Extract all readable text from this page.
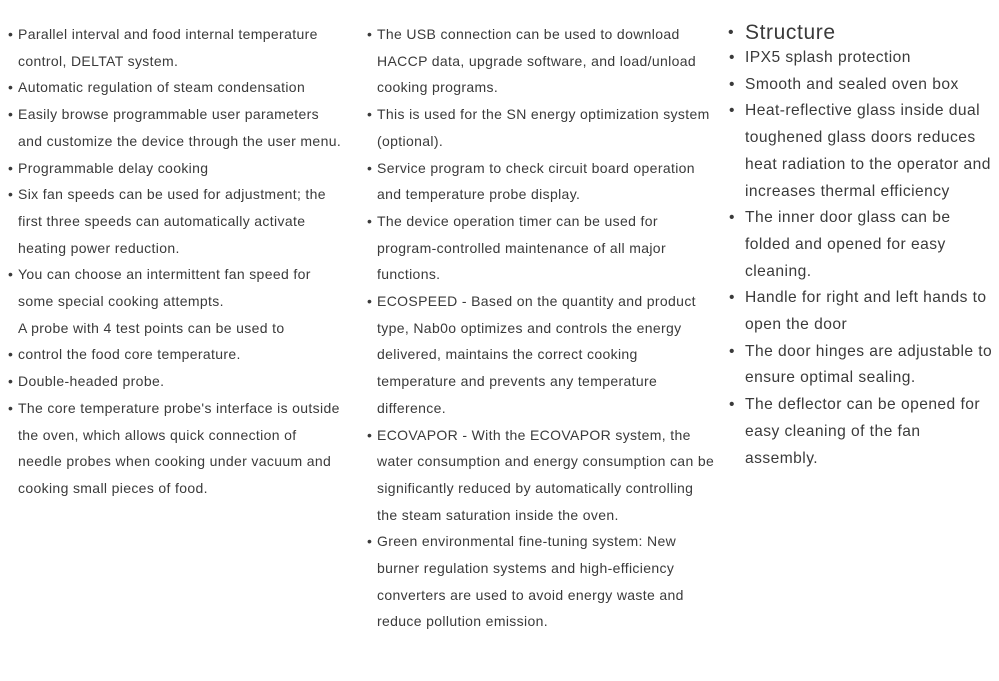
• Parallel interval and food internal temperature control, DELTAT system.
• Automatic regulation of steam condensation
• Easily browse programmable user parameters and customize the device through the user menu.
• Programmable delay cooking
• Six fan speeds can be used for adjustment; the first three speeds can automatically activate heating power reduction.
• You can choose an intermittent fan speed for some special cooking attempts.
A probe with 4 test points can be used to
• control the food core temperature.
• Double-headed probe.
• The core temperature probe's interface is outside the oven, which allows quick connection of needle probes when cooking under vacuum and cooking small pieces of food.
• The USB connection can be used to download HACCP data, upgrade software, and load/unload cooking programs.
• This is used for the SN energy optimization system (optional).
• Service program to check circuit board operation and temperature probe display.
• The device operation timer can be used for program-controlled maintenance of all major functions.
• ECOSPEED - Based on the quantity and product type, Nab0o optimizes and controls the energy delivered, maintains the correct cooking temperature and prevents any temperature difference.
• ECOVAPOR - With the ECOVAPOR system, the water consumption and energy consumption can be significantly reduced by automatically controlling the steam saturation inside the oven.
• Green environmental fine-tuning system: New burner regulation systems and high-efficiency converters are used to avoid energy waste and reduce pollution emission.
• Structure
• IPX5 splash protection
• Smooth and sealed oven box
• Heat-reflective glass inside dual toughened glass doors reduces heat radiation to the operator and increases thermal efficiency
• The inner door glass can be folded and opened for easy cleaning.
• Handle for right and left hands to open the door
• The door hinges are adjustable to ensure optimal sealing.
• The deflector can be opened for easy cleaning of the fan assembly.
